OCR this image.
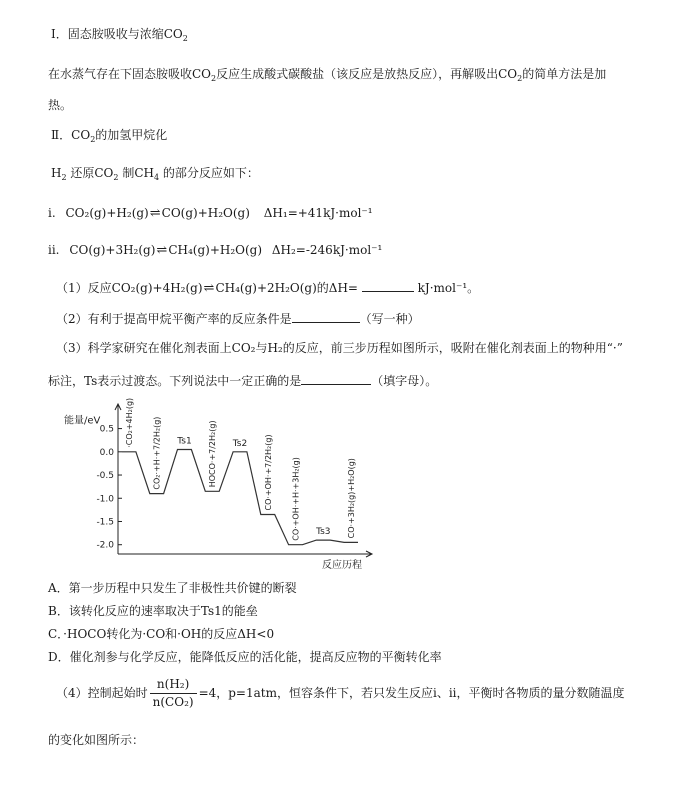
I．固态胺吸收与浓缩$CO_2$
在水蒸气存在下固态胺吸收$CO_2$反应生成酸式碳酸盐（该反应是放热反应），再解吸出$CO_2$的简单方法是加
热。
Ⅱ．$CO_2$的加氢甲烷化
$H_2$ 还原$CO_2$ 制$CH_4$ 的部分反应如下：
i. CO₂(g)+H₂(g)⇌CO(g)+H₂O(g) ΔH₁=+41kJ·mol⁻¹
ii. CO(g)+3H₂(g)⇌CH₄(g)+H₂O(g) ΔH₂=-246kJ·mol⁻¹
（1）反应CO₂(g)+4H₂(g)⇌CH₄(g)+2H₂O(g)的ΔH=	kJ·mol⁻¹。
（2）有利于提高甲烷平衡产率的反应条件是	（写一种）
（3）科学家研究在催化剂表面上CO₂与H₂的反应，前三步历程如图所示，吸附在催化剂表面上的物种用“·”
标注，Ts表示过渡态。下列说法中一定正确的是	（填字母）。
能量/eV
0.5
0.0
-0.5
-1.0
-1.5
-2.0
反应历程
·CO₂+4H₂(g) CO₂·+H·+7/2H₂(g) Ts1 HOCO·+7/2H₂(g) Ts2 CO·+OH·+7/2H₂(g) CO·+OH·+H·+3H₂(g) Ts3 CO·+3H₂(g)+H₂O(g)
A．第一步历程中只发生了非极性共价键的断裂
B．该转化反应的速率取决于Ts1的能垒
C．·HOCO转化为·CO和·OH的反应ΔH<0
D．催化剂参与化学反应，能降低反应的活化能，提高反应物的平衡转化率
（4）控制起始时 $\frac{\text{n(H₂)}}{\text{n(CO₂)}} =4$，p=1atm，恒容条件下，若只发生反应i、ii，平衡时各物质的量分数随温度
的变化如图所示：
